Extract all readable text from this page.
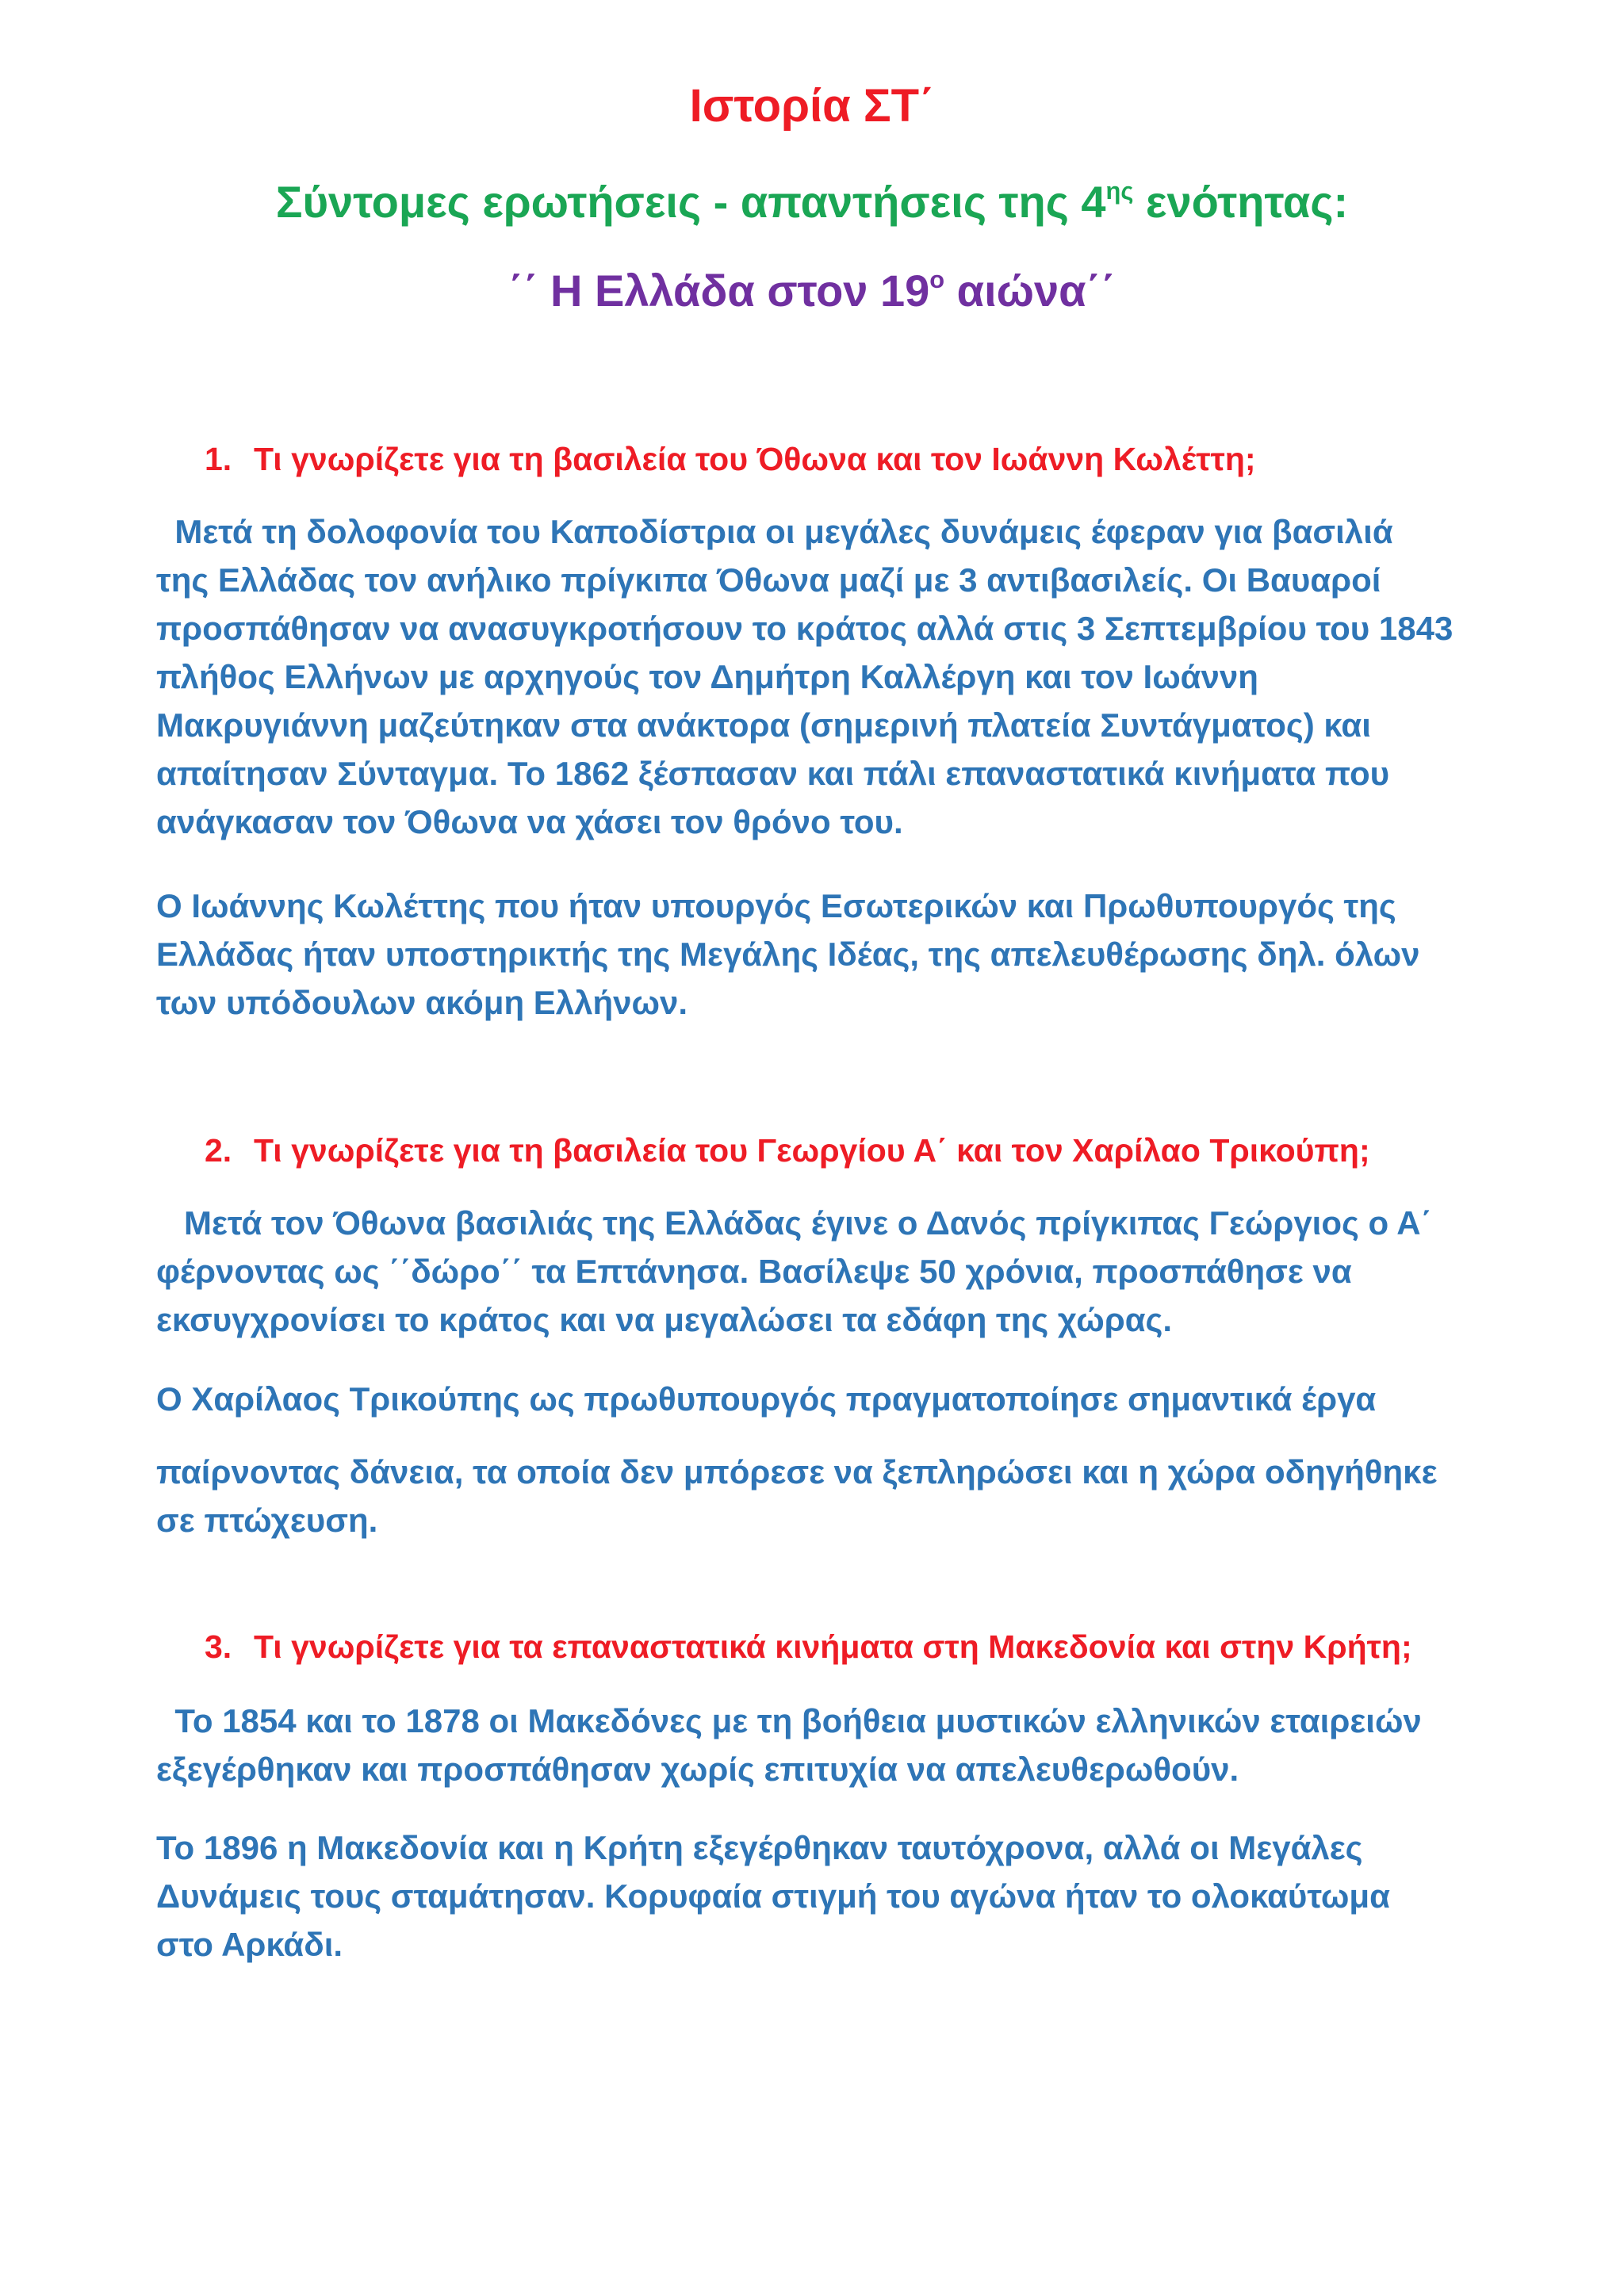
Ιστορία ΣΤ΄
Σύντομες ερωτήσεις - απαντήσεις της $4^{\eta\varsigma}$ ενότητας:
΄΄ Η Ελλάδα στον $19^o$ αιώνα΄΄
1. Τι γνωρίζετε για τη βασιλεία του Όθωνα και τον Ιωάννη Κωλέττη;
Μετά τη δολοφονία του Καποδίστρια οι μεγάλες δυνάμεις έφεραν για βασιλιά
της Ελλάδας τον ανήλικο πρίγκιπα Όθωνα μαζί με 3 αντιβασιλείς. Οι Βαυαροί
προσπάθησαν να ανασυγκροτήσουν το κράτος αλλά στις 3 Σεπτεμβρίου του 1843
πλήθος Ελλήνων με αρχηγούς τον Δημήτρη Καλλέργη και τον Ιωάννη
Μακρυγιάννη μαζεύτηκαν στα ανάκτορα (σημερινή πλατεία Συντάγματος) και
απαίτησαν Σύνταγμα. Το 1862 ξέσπασαν και πάλι επαναστατικά κινήματα που
ανάγκασαν τον Όθωνα να χάσει τον θρόνο του.
Ο Ιωάννης Κωλέττης που ήταν υπουργός Εσωτερικών και Πρωθυπουργός της
Ελλάδας ήταν υποστηρικτής της Μεγάλης Ιδέας, της απελευθέρωσης δηλ. όλων
των υπόδουλων ακόμη Ελλήνων.
2. Τι γνωρίζετε για τη βασιλεία του Γεωργίου Α΄ και τον Χαρίλαο Τρικούπη;
Μετά τον Όθωνα βασιλιάς της Ελλάδας έγινε ο Δανός πρίγκιπας Γεώργιος ο Α΄
φέρνοντας ως ΄΄δώρο΄΄ τα Επτάνησα. Βασίλεψε 50 χρόνια, προσπάθησε να
εκσυγχρονίσει το κράτος και να μεγαλώσει τα εδάφη της χώρας.
Ο Χαρίλαος Τρικούπης ως πρωθυπουργός πραγματοποίησε σημαντικά έργα
παίρνοντας δάνεια, τα οποία δεν μπόρεσε να ξεπληρώσει και η χώρα οδηγήθηκε
σε πτώχευση.
3. Τι γνωρίζετε για τα επαναστατικά κινήματα στη Μακεδονία και στην Κρήτη;
Το 1854 και το 1878 οι Μακεδόνες με τη βοήθεια μυστικών ελληνικών εταιρειών
εξεγέρθηκαν και προσπάθησαν χωρίς επιτυχία να απελευθερωθούν.
Το 1896 η Μακεδονία και η Κρήτη εξεγέρθηκαν ταυτόχρονα, αλλά οι Μεγάλες
Δυνάμεις τους σταμάτησαν. Κορυφαία στιγμή του αγώνα ήταν το ολοκαύτωμα
στο Αρκάδι.
